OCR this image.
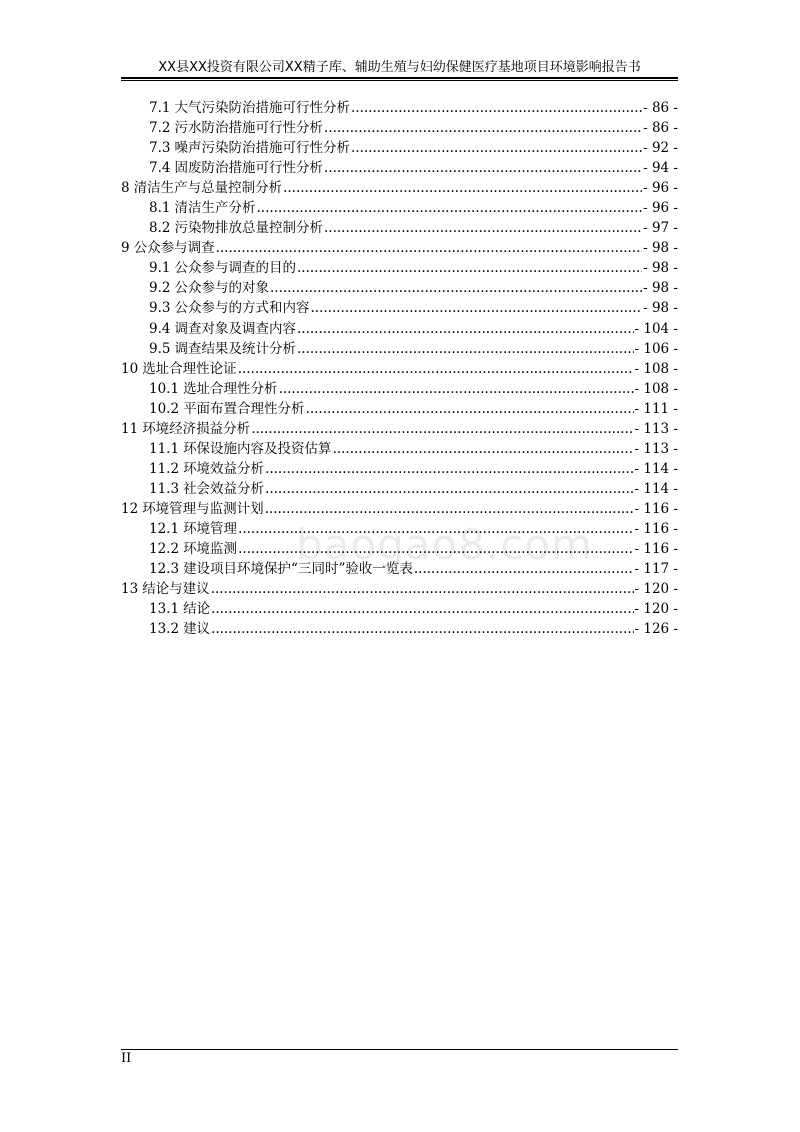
XX县XX投资有限公司XX精子库、辅助生殖与妇幼保健医疗基地项目环境影响报告书
7.1 大气污染防治措施可行性分析 .....	- 86 -
7.2 污水防治措施可行性分析 .....	- 86 -
7.3 噪声污染防治措施可行性分析 .....	- 92 -
7.4 固废防治措施可行性分析 .....	- 94 -
8 清洁生产与总量控制分析 .....	- 96 -
8.1 清洁生产分析 .....	- 96 -
8.2 污染物排放总量控制分析 .....	- 97 -
9 公众参与调查 .....	- 98 -
9.1 公众参与调查的目的 .....	- 98 -
9.2 公众参与的对象 .....	- 98 -
9.3 公众参与的方式和内容 .....	- 98 -
9.4 调查对象及调查内容 .....	- 104 -
9.5 调查结果及统计分析 .....	- 106 -
10 选址合理性论证 .....	- 108 -
10.1 选址合理性分析 .....	- 108 -
10.2 平面布置合理性分析 .....	- 111 -
11 环境经济损益分析 .....	- 113 -
11.1 环保设施内容及投资估算 .....	- 113 -
11.2 环境效益分析 .....	- 114 -
11.3 社会效益分析 .....	- 114 -
12 环境管理与监测计划 .....	- 116 -
12.1 环境管理 .....	- 116 -
12.2 环境监测 .....	- 116 -
12.3 建设项目环境保护“三同时”验收一览表 .....	- 117 -
13 结论与建议 .....	- 120 -
13.1 结论 .....	- 120 -
13.2 建议 .....	- 126 -
baogao8.com
II
